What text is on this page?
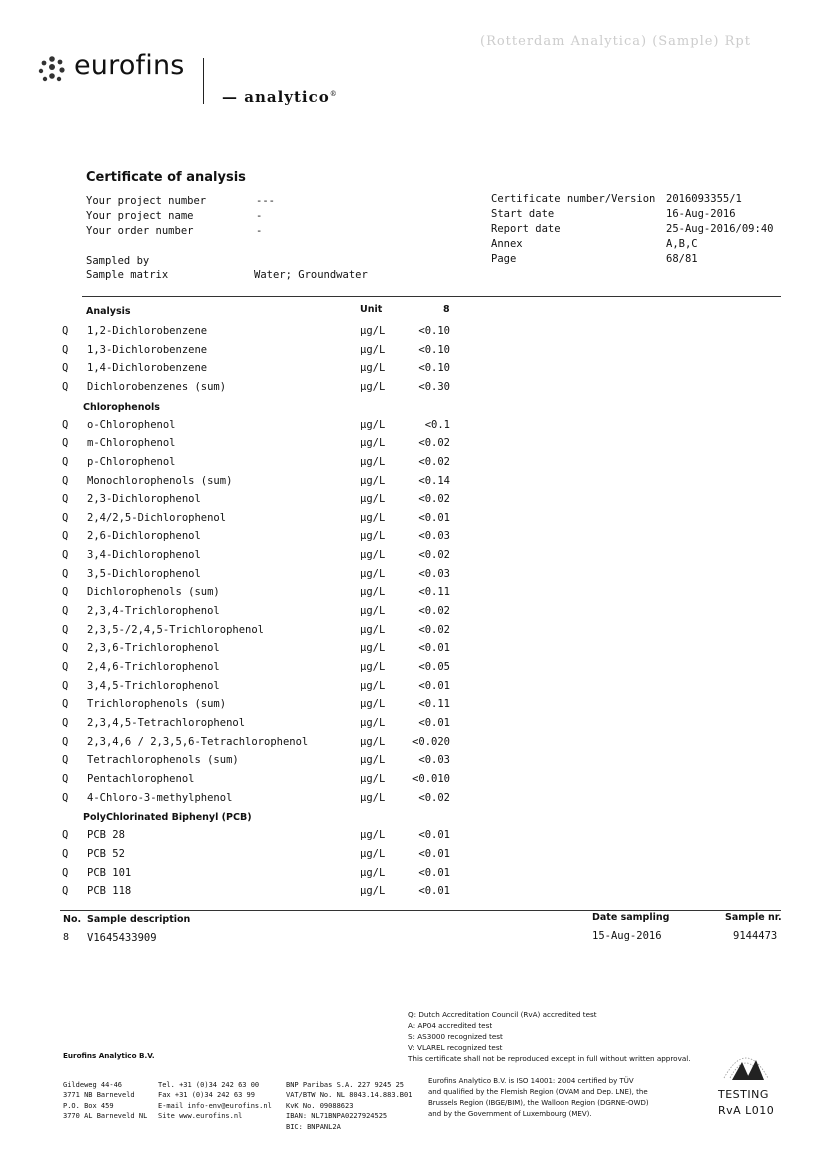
eurofins
— analytico®
(Rotterdam Analytica) (Sample) Rpt
Certificate of analysis
Your project number	---
Your project name	-
Your order number	-
Sampled by
Sample matrix	Water; Groundwater
Certificate number/Version 2016093355/1
Start date	16-Aug-2016
Report date	25-Aug-2016/09:40
Annex	A,B,C
Page	68/81
Analysis	Unit	8
Q 1,2-Dichlorobenzene	µg/L	<0.10
Q 1,3-Dichlorobenzene	µg/L	<0.10
Q 1,4-Dichlorobenzene	µg/L	<0.10
Q Dichlorobenzenes (sum)	µg/L	<0.30
Chlorophenols
Q o-Chlorophenol	µg/L	<0.1
Q m-Chlorophenol	µg/L	<0.02
Q p-Chlorophenol	µg/L	<0.02
Q Monochlorophenols (sum)	µg/L	<0.14
Q 2,3-Dichlorophenol	µg/L	<0.02
Q 2,4/2,5-Dichlorophenol	µg/L	<0.01
Q 2,6-Dichlorophenol	µg/L	<0.03
Q 3,4-Dichlorophenol	µg/L	<0.02
Q 3,5-Dichlorophenol	µg/L	<0.03
Q Dichlorophenols (sum)	µg/L	<0.11
Q 2,3,4-Trichlorophenol	µg/L	<0.02
Q 2,3,5-/2,4,5-Trichlorophenol	µg/L	<0.02
Q 2,3,6-Trichlorophenol	µg/L	<0.01
Q 2,4,6-Trichlorophenol	µg/L	<0.05
Q 3,4,5-Trichlorophenol	µg/L	<0.01
Q Trichlorophenols (sum)	µg/L	<0.11
Q 2,3,4,5-Tetrachlorophenol	µg/L	<0.01
Q 2,3,4,6 / 2,3,5,6-Tetrachlorophenol	µg/L	<0.020
Q Tetrachlorophenols (sum)	µg/L	<0.03
Q Pentachlorophenol	µg/L	<0.010
Q 4-Chloro-3-methylphenol	µg/L	<0.02
PolyChlorinated Biphenyl (PCB)
Q PCB 28	µg/L	<0.01
Q PCB 52	µg/L	<0.01
Q PCB 101	µg/L	<0.01
Q PCB 118	µg/L	<0.01
No. Sample description	Date sampling	Sample nr.
8 V1645433909	15-Aug-2016	9144473
Q: Dutch Accreditation Council (RvA) accredited test
A: AP04 accredited test
S: AS3000 recognized test
V: VLAREL recognized test
This certificate shall not be reproduced except in full without written approval.
Eurofins Analytico B.V.
Gildeweg 44-46
3771 NB Barneveld
P.O. Box 459
3770 AL Barneveld NL
Tel. +31 (0)34 242 63 00
Fax +31 (0)34 242 63 99
E-mail info-env@eurofins.nl
Site www.eurofins.nl
BNP Paribas S.A. 227 9245 25
VAT/BTW No. NL 8043.14.883.B01
KvK No. 09088623
IBAN: NL71BNPA0227924525
BIC: BNPANL2A
Eurofins Analytico B.V. is ISO 14001: 2004 certified by TÜV
and qualified by the Flemish Region (OVAM and Dep. LNE), the
Brussels Region (IBGE/BIM), the Walloon Region (DGRNE-OWD)
and by the Government of Luxembourg (MEV).
TESTING
RvA L010
